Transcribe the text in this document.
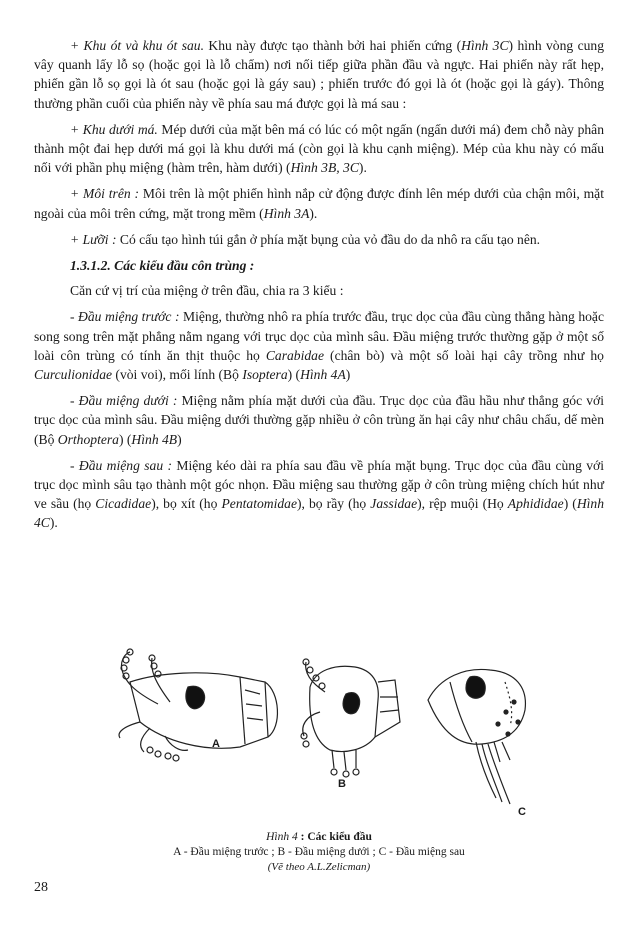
+ Khu ót và khu ót sau. Khu này được tạo thành bởi hai phiến cứng (Hình 3C) hình vòng cung vây quanh lấy lỗ sọ (hoặc gọi là lỗ chẩm) nơi nối tiếp giữa phần đầu và ngực. Hai phiến này rất hẹp, phiến gần lỗ sọ gọi là ót sau (hoặc gọi là gáy sau) ; phiến trước đó gọi là ót (hoặc gọi là gáy). Thông thường phần cuối của phiến này về phía sau má được gọi là má sau :

+ Khu dưới má. Mép dưới của mặt bên má có lúc có một ngấn (ngấn dưới má) đem chỗ này phân thành một đai hẹp dưới má gọi là khu dưới má (còn gọi là khu cạnh miệng). Mép của khu này có mấu nối với phần phụ miệng (hàm trên, hàm dưới) (Hình 3B, 3C).

+ Môi trên : Môi trên là một phiến hình nắp cử động được đính lên mép dưới của chận môi, mặt ngoài của môi trên cứng, mặt trong mềm (Hình 3A).

+ Lưỡi : Có cấu tạo hình túi gắn ở phía mặt bụng của vỏ đầu do da nhô ra cấu tạo nên.

1.3.1.2. Các kiểu đầu côn trùng :

Căn cứ vị trí của miệng ở trên đầu, chia ra 3 kiểu :

- Đầu miệng trước : Miệng, thường nhô ra phía trước đầu, trục dọc của đầu cùng thẳng hàng hoặc song song trên mặt phẳng nằm ngang với trục dọc của mình sâu. Đầu miệng trước thường gặp ở một số loài côn trùng có tính ăn thịt thuộc họ Carabidae (chân bò) và một số loài hại cây trồng như họ Curculionidae (vòi voi), mối lính (Bộ Isoptera) (Hình 4A)

- Đầu miệng dưới : Miệng nằm phía mặt dưới của đầu. Trục dọc của đầu hầu như thẳng góc với trục dọc của mình sâu. Đầu miệng dưới thường gặp nhiều ở côn trùng ăn hại cây như châu chấu, dế mèn (Bộ Orthoptera) (Hình 4B)

- Đầu miệng sau : Miệng kéo dài ra phía sau đầu về phía mặt bụng. Trục dọc của đầu cùng với trục dọc mình sâu tạo thành một góc nhọn. Đầu miệng sau thường gặp ở côn trùng miệng chích hút như ve sầu (họ Cicadidae), bọ xít (họ Pentatomidae), bọ rầy (họ Jassidae), rệp muội (Họ Aphididae) (Hình 4C).

A
B
C
Hình 4 : Các kiểu đầu
A - Đầu miệng trước ; B - Đầu miệng dưới ; C - Đầu miệng sau
(Vẽ theo A.L.Zelicman)
28
